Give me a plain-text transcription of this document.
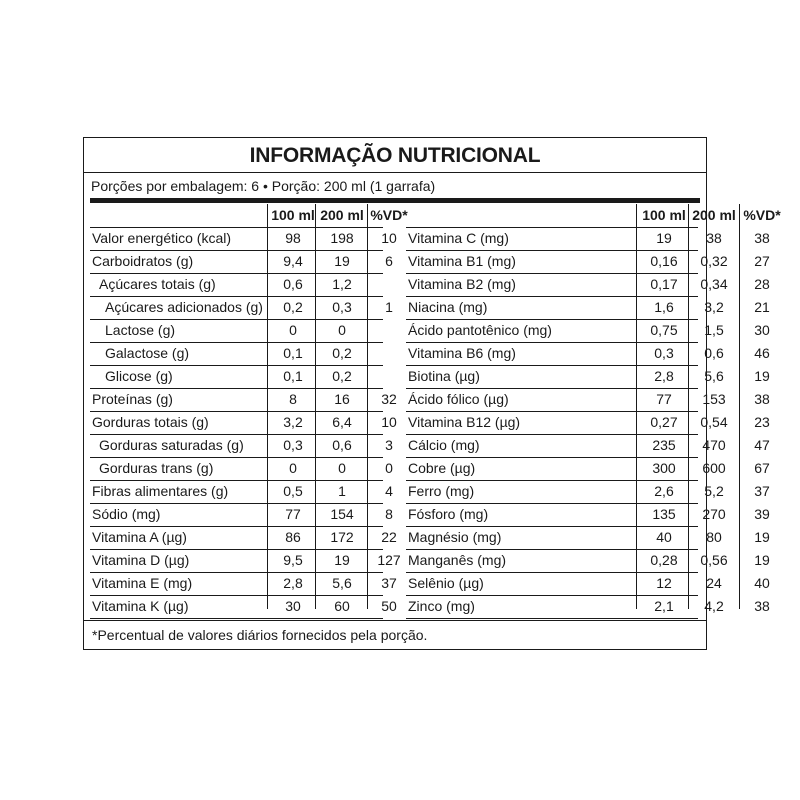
INFORMAÇÃO NUTRICIONAL
Porções por embalagem: 6 • Porção: 200 ml (1 garrafa)
100 ml 200 ml %VD*
Valor energético (kcal)	98	198	10
Carboidratos (g)	9,4	19	6
Açúcares totais (g)	0,6	1,2
Açúcares adicionados (g)	0,2	0,3	1
Lactose (g)	0	0
Galactose (g)	0,1	0,2
Glicose (g)	0,1	0,2
Proteínas (g)	8	16	32
Gorduras totais (g)	3,2	6,4	10
Gorduras saturadas (g)	0,3	0,6	3
Gorduras trans (g)	0	0	0
Fibras alimentares (g)	0,5	1	4
Sódio (mg)	77	154	8
Vitamina A (µg)	86	172	22
Vitamina D (µg)	9,5	19	127
Vitamina E (mg)	2,8	5,6	37
Vitamina K (µg)	30	60	50
100 ml 200 ml %VD*
Vitamina C (mg)	19	38	38
Vitamina B1 (mg)	0,16	0,32	27
Vitamina B2 (mg)	0,17	0,34	28
Niacina (mg)	1,6	3,2	21
Ácido pantotênico (mg)	0,75	1,5	30
Vitamina B6 (mg)	0,3	0,6	46
Biotina (µg)	2,8	5,6	19
Ácido fólico (µg)	77	153	38
Vitamina B12 (µg)	0,27	0,54	23
Cálcio (mg)	235	470	47
Cobre (µg)	300	600	67
Ferro (mg)	2,6	5,2	37
Fósforo (mg)	135	270	39
Magnésio (mg)	40	80	19
Manganês (mg)	0,28	0,56	19
Selênio (µg)	12	24	40
Zinco (mg)	2,1	4,2	38
*Percentual de valores diários fornecidos pela porção.
